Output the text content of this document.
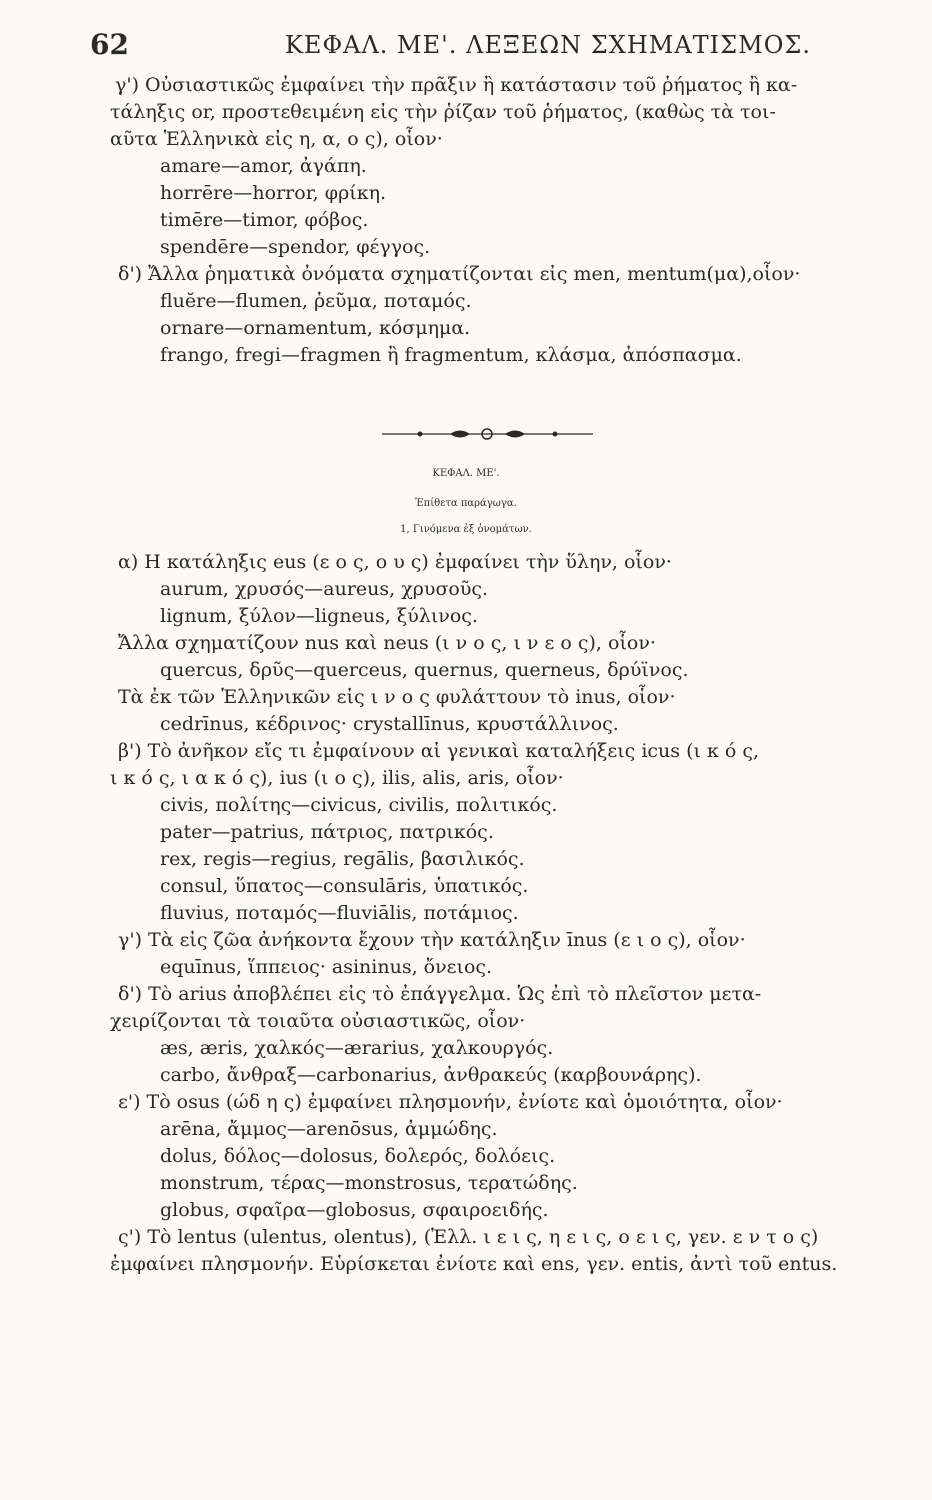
62	ΚΕΦΑΛ. ΜΕ'. ΛΕΞΕΩΝ ΣΧΗΜΑΤΙΣΜΟΣ.
γ') Οὐσιαστικῶς ἐμφαίνει τὴν πρᾶξιν ἢ κατάστασιν τοῦ ῥήματος ἢ κα-
τάληξις or, προστεθειμένη εἰς τὴν ῥίζαν τοῦ ῥήματος, (καθὼς τὰ τοι-
αῦτα Ἑλληνικὰ εἰς η, α, ο ς), οἷον·
amare—amor, ἀγάπη.
horrēre—horror, φρίκη.
timēre—timor, φόβος.
spendēre—spendor, φέγγος.
δ') Ἄλλα ῥηματικὰ ὀνόματα σχηματίζονται εἰς men, mentum(μα),οἷον·
fluĕre—flumen, ῥεῦμα, ποταμός.
ornare—ornamentum, κόσμημα.
frango, fregi—fragmen ἢ fragmentum, κλάσμα, ἀπόσπασμα.
ΚΕΦΑΛ. ΜΕ'.
Ἐπίθετα παράγωγα.
1, Γινόμενα ἐξ ὀνομάτων.
α) Η κατάληξις eus (ε ο ς, ο υ ς) ἐμφαίνει τὴν ὕλην, οἷον·
aurum, χρυσός—aureus, χρυσοῦς.
lignum, ξύλον—ligneus, ξύλινος.
Ἄλλα σχηματίζουν nus καὶ neus (ι ν ο ς, ι ν ε ο ς), οἷον·
quercus, δρῦς—querceus, quernus, querneus, δρύϊνος.
Τὰ ἐκ τῶν Ἑλληνικῶν εἰς ι ν ο ς φυλάττουν τὸ inus, οἷον·
cedrīnus, κέδρινος· crystallīnus, κρυστάλλινος.
β') Τὸ ἀνῆκον εἴς τι ἐμφαίνουν αἱ γενικαὶ καταλήξεις icus (ι κ ό ς,
ι κ ό ς, ι α κ ό ς), ius (ι ο ς), ilis, alis, aris, οἷον·
civis, πολίτης—civicus, civilis, πολιτικός.
pater—patrius, πάτριος, πατρικός.
rex, regis—regius, regālis, βασιλικός.
consul, ὕπατος—consulāris, ὑπατικός.
fluvius, ποταμός—fluviālis, ποτάμιος.
γ') Τὰ εἰς ζῶα ἀνήκοντα ἔχουν τὴν κατάληξιν īnus (ε ι ο ς), οἷον·
equīnus, ἵππειος· asininus, ὄνειος.
δ') Τὸ arius ἀποβλέπει εἰς τὸ ἐπάγγελμα. Ὡς ἐπὶ τὸ πλεῖστον μετα-
χειρίζονται τὰ τοιαῦτα οὐσιαστικῶς, οἷον·
æs, æris, χαλκός—ærarius, χαλκουργός.
carbo, ἄνθραξ—carbonarius, ἀνθρακεύς (καρβουνάρης).
ε') Τὸ osus (ώδ η ς) ἐμφαίνει πλησμονήν, ἐνίοτε καὶ ὁμοιότητα, οἷον·
arēna, ἄμμος—arenōsus, ἀμμώδης.
dolus, δόλος—dolosus, δολερός, δολόεις.
monstrum, τέρας—monstrosus, τερατώδης.
globus, σφαῖρα—globosus, σφαιροειδής.
ς') Τὸ lentus (ulentus, olentus), (Ἑλλ. ι ε ι ς, η ε ι ς, ο ε ι ς, γεν. ε ν τ ο ς)
ἐμφαίνει πλησμονήν. Εὑρίσκεται ἐνίοτε καὶ ens, γεν. entis, ἀντὶ τοῦ entus.
